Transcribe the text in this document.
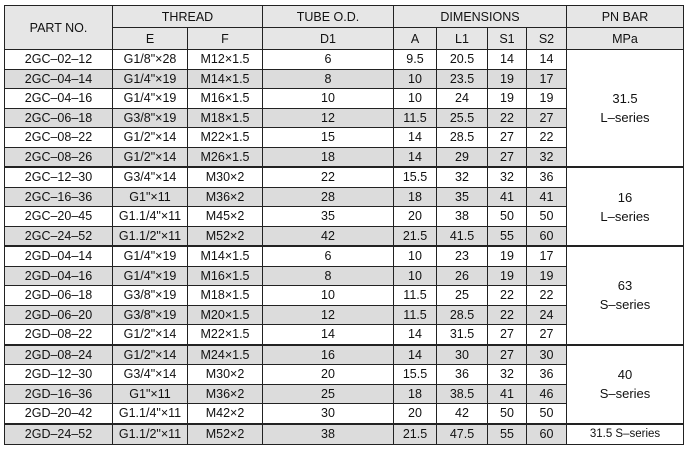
PART NO.	THREAD		TUBE O.D.	DIMENSIONS				PN BAR
	E	F	D1	A	L1	S1	S2	MPa
2GC–02–12	G1/8"×28	M12×1.5	6	9.5	20.5	14	14	31.5
L–series

2GC–04–14	G1/4"×19	M14×1.5	8	10	23.5	19	17	
2GC–04–16	G1/4"×19	M16×1.5	10	10	24	19	19	
2GC–06–18	G3/8"×19	M18×1.5	12	11.5	25.5	22	27	
2GC–08–22	G1/2"×14	M22×1.5	15	14	28.5	27	22	
2GC–08–26	G1/2"×14	M26×1.5	18	14	29	27	32	
2GC–12–30	G3/4"×14	M30×2	22	15.5	32	32	36	16
L–series

2GC–16–36	G1"×11	M36×2	28	18	35	41	41	
2GC–20–45	G1.1/4"×11	M45×2	35	20	38	50	50	
2GC–24–52	G1.1/2"×11	M52×2	42	21.5	41.5	55	60	
2GD–04–14	G1/4"×19	M14×1.5	6	10	23	19	17	63
S–series

2GD–04–16	G1/4"×19	M16×1.5	8	10	26	19	19	
2GD–06–18	G3/8"×19	M18×1.5	10	11.5	25	22	22	
2GD–06–20	G3/8"×19	M20×1.5	12	11.5	28.5	22	24	
2GD–08–22	G1/2"×14	M22×1.5	14	14	31.5	27	27	
2GD–08–24	G1/2"×14	M24×1.5	16	14	30	27	30	40
S–series

2GD–12–30	G3/4"×14	M30×2	20	15.5	36	32	36	
2GD–16–36	G1"×11	M36×2	25	18	38.5	41	46	
2GD–20–42	G1.1/4"×11	M42×2	30	20	42	50	50	
2GD–24–52	G1.1/2"×11	M52×2	38	21.5	47.5	55	60	31.5 S–series
